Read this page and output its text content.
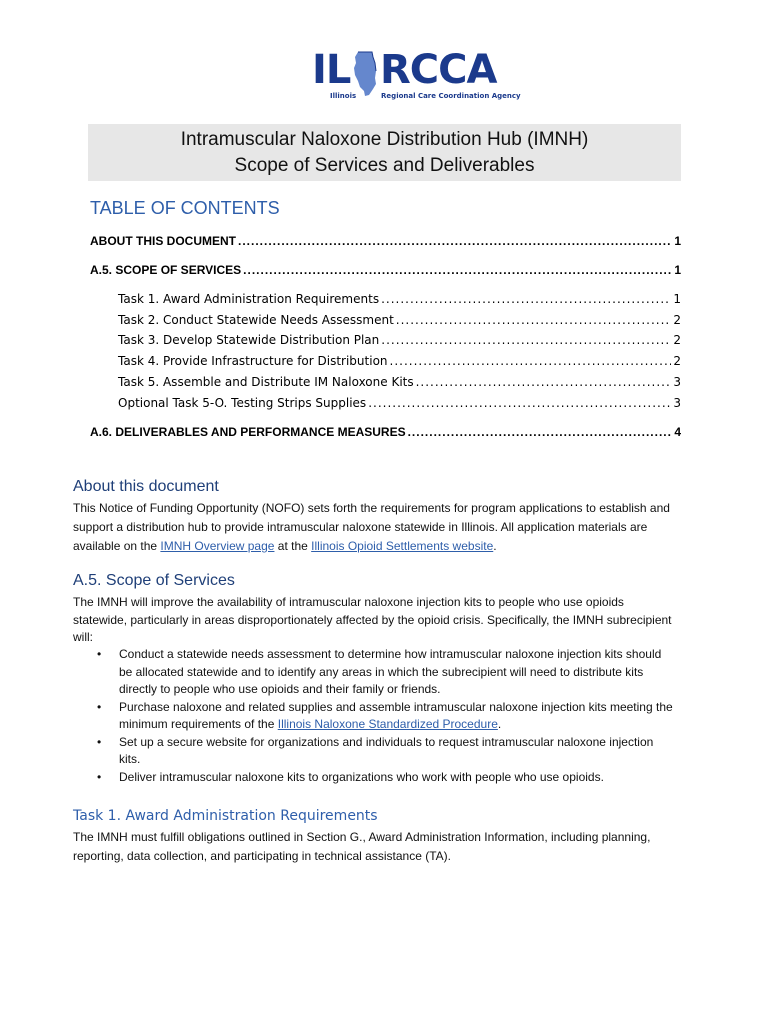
IL RCCA
Illinois	Regional Care Coordination Agency
Intramuscular Naloxone Distribution Hub (IMNH)
Scope of Services and Deliverables
TABLE OF CONTENTS
ABOUT THIS DOCUMENT .....	1
A.5. SCOPE OF SERVICES .....	1
Task 1. Award Administration Requirements .....	1
Task 2. Conduct Statewide Needs Assessment .....	2
Task 3. Develop Statewide Distribution Plan .....	2
Task 4. Provide Infrastructure for Distribution .....	2
Task 5. Assemble and Distribute IM Naloxone Kits .....	3
Optional Task 5-O. Testing Strips Supplies .....	3
A.6. DELIVERABLES AND PERFORMANCE MEASURES .....	4
About this document
This Notice of Funding Opportunity (NOFO) sets forth the requirements for program applications to establish and support a distribution hub to provide intramuscular naloxone statewide in Illinois. All application materials are available on the IMNH Overview page at the Illinois Opioid Settlements website.
A.5. Scope of Services
The IMNH will improve the availability of intramuscular naloxone injection kits to people who use opioids statewide, particularly in areas disproportionately affected by the opioid crisis. Specifically, the IMNH subrecipient will:
• Conduct a statewide needs assessment to determine how intramuscular naloxone injection kits should be allocated statewide and to identify any areas in which the subrecipient will need to distribute kits directly to people who use opioids and their family or friends.
• Purchase naloxone and related supplies and assemble intramuscular naloxone injection kits meeting the minimum requirements of the Illinois Naloxone Standardized Procedure.
• Set up a secure website for organizations and individuals to request intramuscular naloxone injection kits.
• Deliver intramuscular naloxone kits to organizations who work with people who use opioids.
Task 1. Award Administration Requirements
The IMNH must fulfill obligations outlined in Section G., Award Administration Information, including planning, reporting, data collection, and participating in technical assistance (TA).
